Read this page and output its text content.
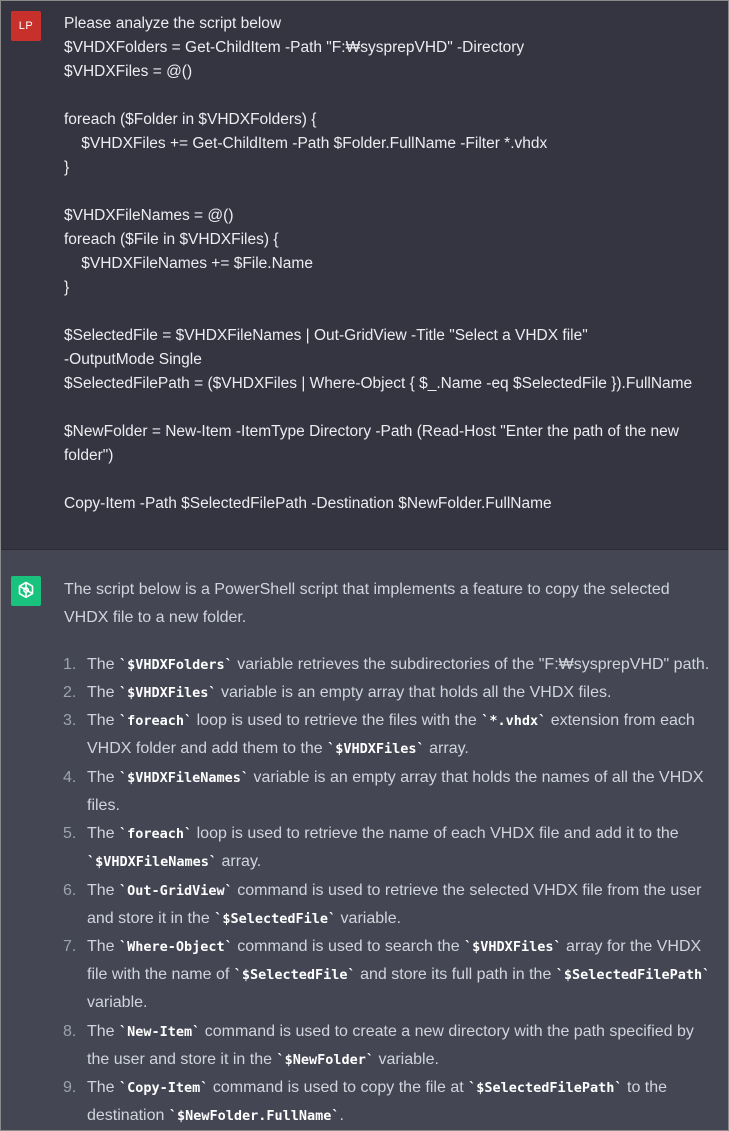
LP	Please analyze the script below
$VHDXFolders = Get-ChildItem -Path "F:₩sysprepVHD" -Directory
$VHDXFiles = @()

foreach ($Folder in $VHDXFolders) {
$VHDXFiles += Get-ChildItem -Path $Folder.FullName -Filter *.vhdx
}

$VHDXFileNames = @()
foreach ($File in $VHDXFiles) {
$VHDXFileNames += $File.Name
}

$SelectedFile = $VHDXFileNames | Out-GridView -Title "Select a VHDX file"
-OutputMode Single
$SelectedFilePath = ($VHDXFiles | Where-Object { $_.Name -eq $SelectedFile }).FullName

$NewFolder = New-Item -ItemType Directory -Path (Read-Host "Enter the path of the new folder")

Copy-Item -Path $SelectedFilePath -Destination $NewFolder.FullName

The script below is a PowerShell script that implements a feature to copy the selected VHDX file to a new folder.

1. The `$VHDXFolders` variable retrieves the subdirectories of the "F:₩sysprepVHD" path.
2. The `$VHDXFiles` variable is an empty array that holds all the VHDX files.
3. The `foreach` loop is used to retrieve the files with the `*.vhdx` extension from each VHDX folder and add them to the `$VHDXFiles` array.
4. The `$VHDXFileNames` variable is an empty array that holds the names of all the VHDX files.
5. The `foreach` loop is used to retrieve the name of each VHDX file and add it to the `$VHDXFileNames` array.
6. The `Out-GridView` command is used to retrieve the selected VHDX file from the user and store it in the `$SelectedFile` variable.
7. The `Where-Object` command is used to search the `$VHDXFiles` array for the VHDX file with the name of `$SelectedFile` and store its full path in the `$SelectedFilePath` variable.
8. The `New-Item` command is used to create a new directory with the path specified by the user and store it in the `$NewFolder` variable.
9. The `Copy-Item` command is used to copy the file at `$SelectedFilePath` to the destination `$NewFolder.FullName`.
